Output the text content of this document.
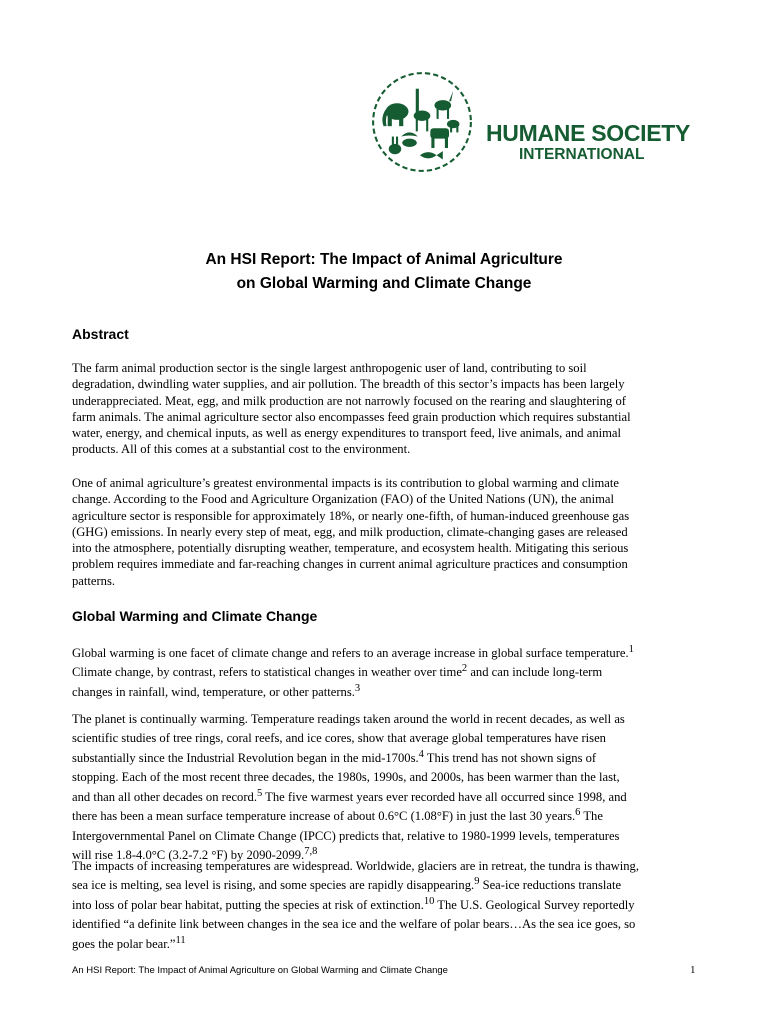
HUMANE SOCIETY
INTERNATIONAL
An HSI Report: The Impact of Animal Agriculture
on Global Warming and Climate Change
Abstract

The farm animal production sector is the single largest anthropogenic user of land, contributing to soil
degradation, dwindling water supplies, and air pollution. The breadth of this sector’s impacts has been largely
underappreciated. Meat, egg, and milk production are not narrowly focused on the rearing and slaughtering of
farm animals. The animal agriculture sector also encompasses feed grain production which requires substantial
water, energy, and chemical inputs, as well as energy expenditures to transport feed, live animals, and animal
products. All of this comes at a substantial cost to the environment.

One of animal agriculture’s greatest environmental impacts is its contribution to global warming and climate
change. According to the Food and Agriculture Organization (FAO) of the United Nations (UN), the animal
agriculture sector is responsible for approximately 18%, or nearly one-fifth, of human-induced greenhouse gas
(GHG) emissions. In nearly every step of meat, egg, and milk production, climate-changing gases are released
into the atmosphere, potentially disrupting weather, temperature, and ecosystem health. Mitigating this serious
problem requires immediate and far-reaching changes in current animal agriculture practices and consumption
patterns.

Global Warming and Climate Change

Global warming is one facet of climate change and refers to an average increase in global surface temperature.$^1$
Climate change, by contrast, refers to statistical changes in weather over time$^2$ and can include long-term
changes in rainfall, wind, temperature, or other patterns.$^3$

The planet is continually warming. Temperature readings taken around the world in recent decades, as well as
scientific studies of tree rings, coral reefs, and ice cores, show that average global temperatures have risen
substantially since the Industrial Revolution began in the mid-1700s.$^4$ This trend has not shown signs of
stopping. Each of the most recent three decades, the 1980s, 1990s, and 2000s, has been warmer than the last,
and than all other decades on record.$^5$ The five warmest years ever recorded have all occurred since 1998, and
there has been a mean surface temperature increase of about 0.6°C (1.08°F) in just the last 30 years.$^6$ The
Intergovernmental Panel on Climate Change (IPCC) predicts that, relative to 1980-1999 levels, temperatures
will rise 1.8-4.0°C (3.2-7.2 °F) by 2090-2099.$^{7,8}$

The impacts of increasing temperatures are widespread. Worldwide, glaciers are in retreat, the tundra is thawing,
sea ice is melting, sea level is rising, and some species are rapidly disappearing.$^9$ Sea-ice reductions translate
into loss of polar bear habitat, putting the species at risk of extinction.$^{10}$ The U.S. Geological Survey reportedly
identified “a definite link between changes in the sea ice and the welfare of polar bears…As the sea ice goes, so
goes the polar bear.”$^{11}$

An HSI Report: The Impact of Animal Agriculture on Global Warming and Climate Change	1
